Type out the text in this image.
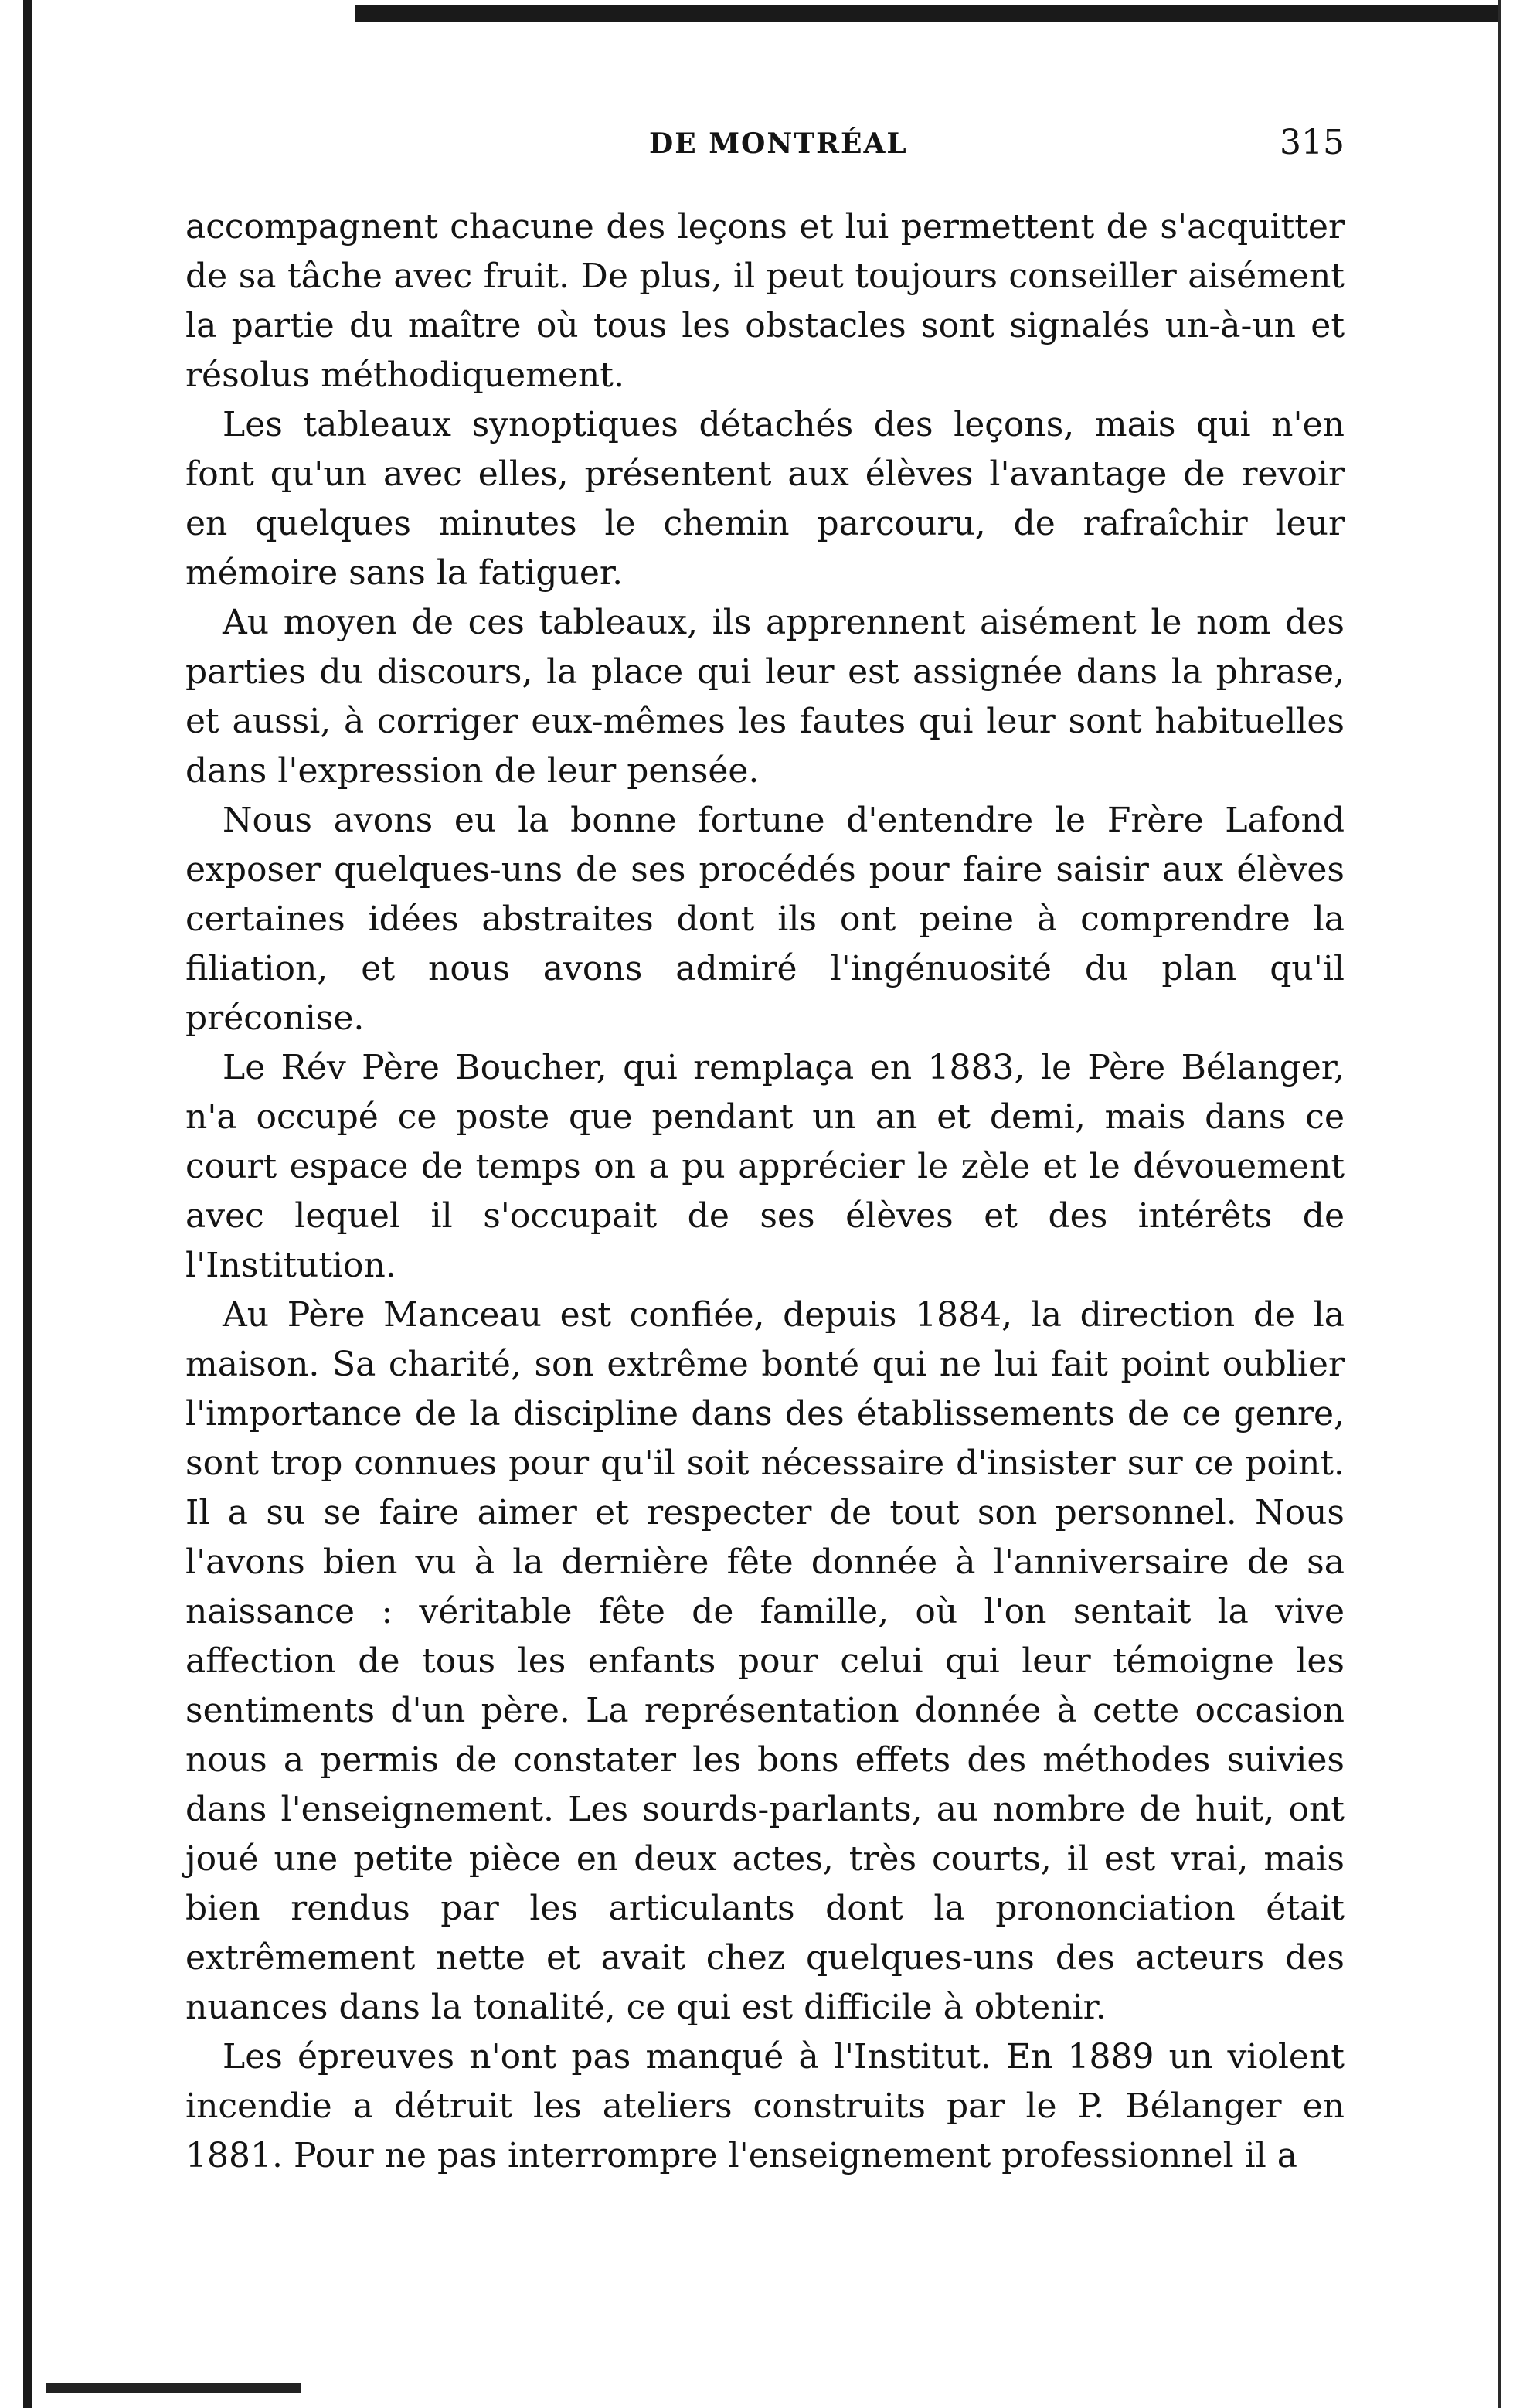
DE MONTRÉAL	315

accompagnent chacune des leçons et lui permettent de s'acquitter de sa tâche avec fruit. De plus, il peut toujours conseiller aisément la partie du maître où tous les obstacles sont signalés un-à-un et résolus méthodiquement.

Les tableaux synoptiques détachés des leçons, mais qui n'en font qu'un avec elles, présentent aux élèves l'avantage de revoir en quelques minutes le chemin parcouru, de rafraîchir leur mémoire sans la fatiguer.

Au moyen de ces tableaux, ils apprennent aisément le nom des parties du discours, la place qui leur est assignée dans la phrase, et aussi, à corriger eux-mêmes les fautes qui leur sont habituelles dans l'expression de leur pensée.

Nous avons eu la bonne fortune d'entendre le Frère Lafond exposer quelques-uns de ses procédés pour faire saisir aux élèves certaines idées abstraites dont ils ont peine à comprendre la filiation, et nous avons admiré l'ingénuosité du plan qu'il préconise.

Le Rév Père Boucher, qui remplaça en 1883, le Père Bélanger, n'a occupé ce poste que pendant un an et demi, mais dans ce court espace de temps on a pu apprécier le zèle et le dévouement avec lequel il s'occupait de ses élèves et des intérêts de l'Institution.

Au Père Manceau est confiée, depuis 1884, la direction de la maison. Sa charité, son extrême bonté qui ne lui fait point oublier l'importance de la discipline dans des établissements de ce genre, sont trop connues pour qu'il soit nécessaire d'insister sur ce point. Il a su se faire aimer et respecter de tout son personnel. Nous l'avons bien vu à la dernière fête donnée à l'anniversaire de sa naissance : véritable fête de famille, où l'on sentait la vive affection de tous les enfants pour celui qui leur témoigne les sentiments d'un père. La représentation donnée à cette occasion nous a permis de constater les bons effets des méthodes suivies dans l'enseignement. Les sourds-parlants, au nombre de huit, ont joué une petite pièce en deux actes, très courts, il est vrai, mais bien rendus par les articulants dont la prononciation était extrêmement nette et avait chez quelques-uns des acteurs des nuances dans la tonalité, ce qui est difficile à obtenir.

Les épreuves n'ont pas manqué à l'Institut. En 1889 un violent incendie a détruit les ateliers construits par le P. Bélanger en 1881. Pour ne pas interrompre l'enseignement professionnel il a
